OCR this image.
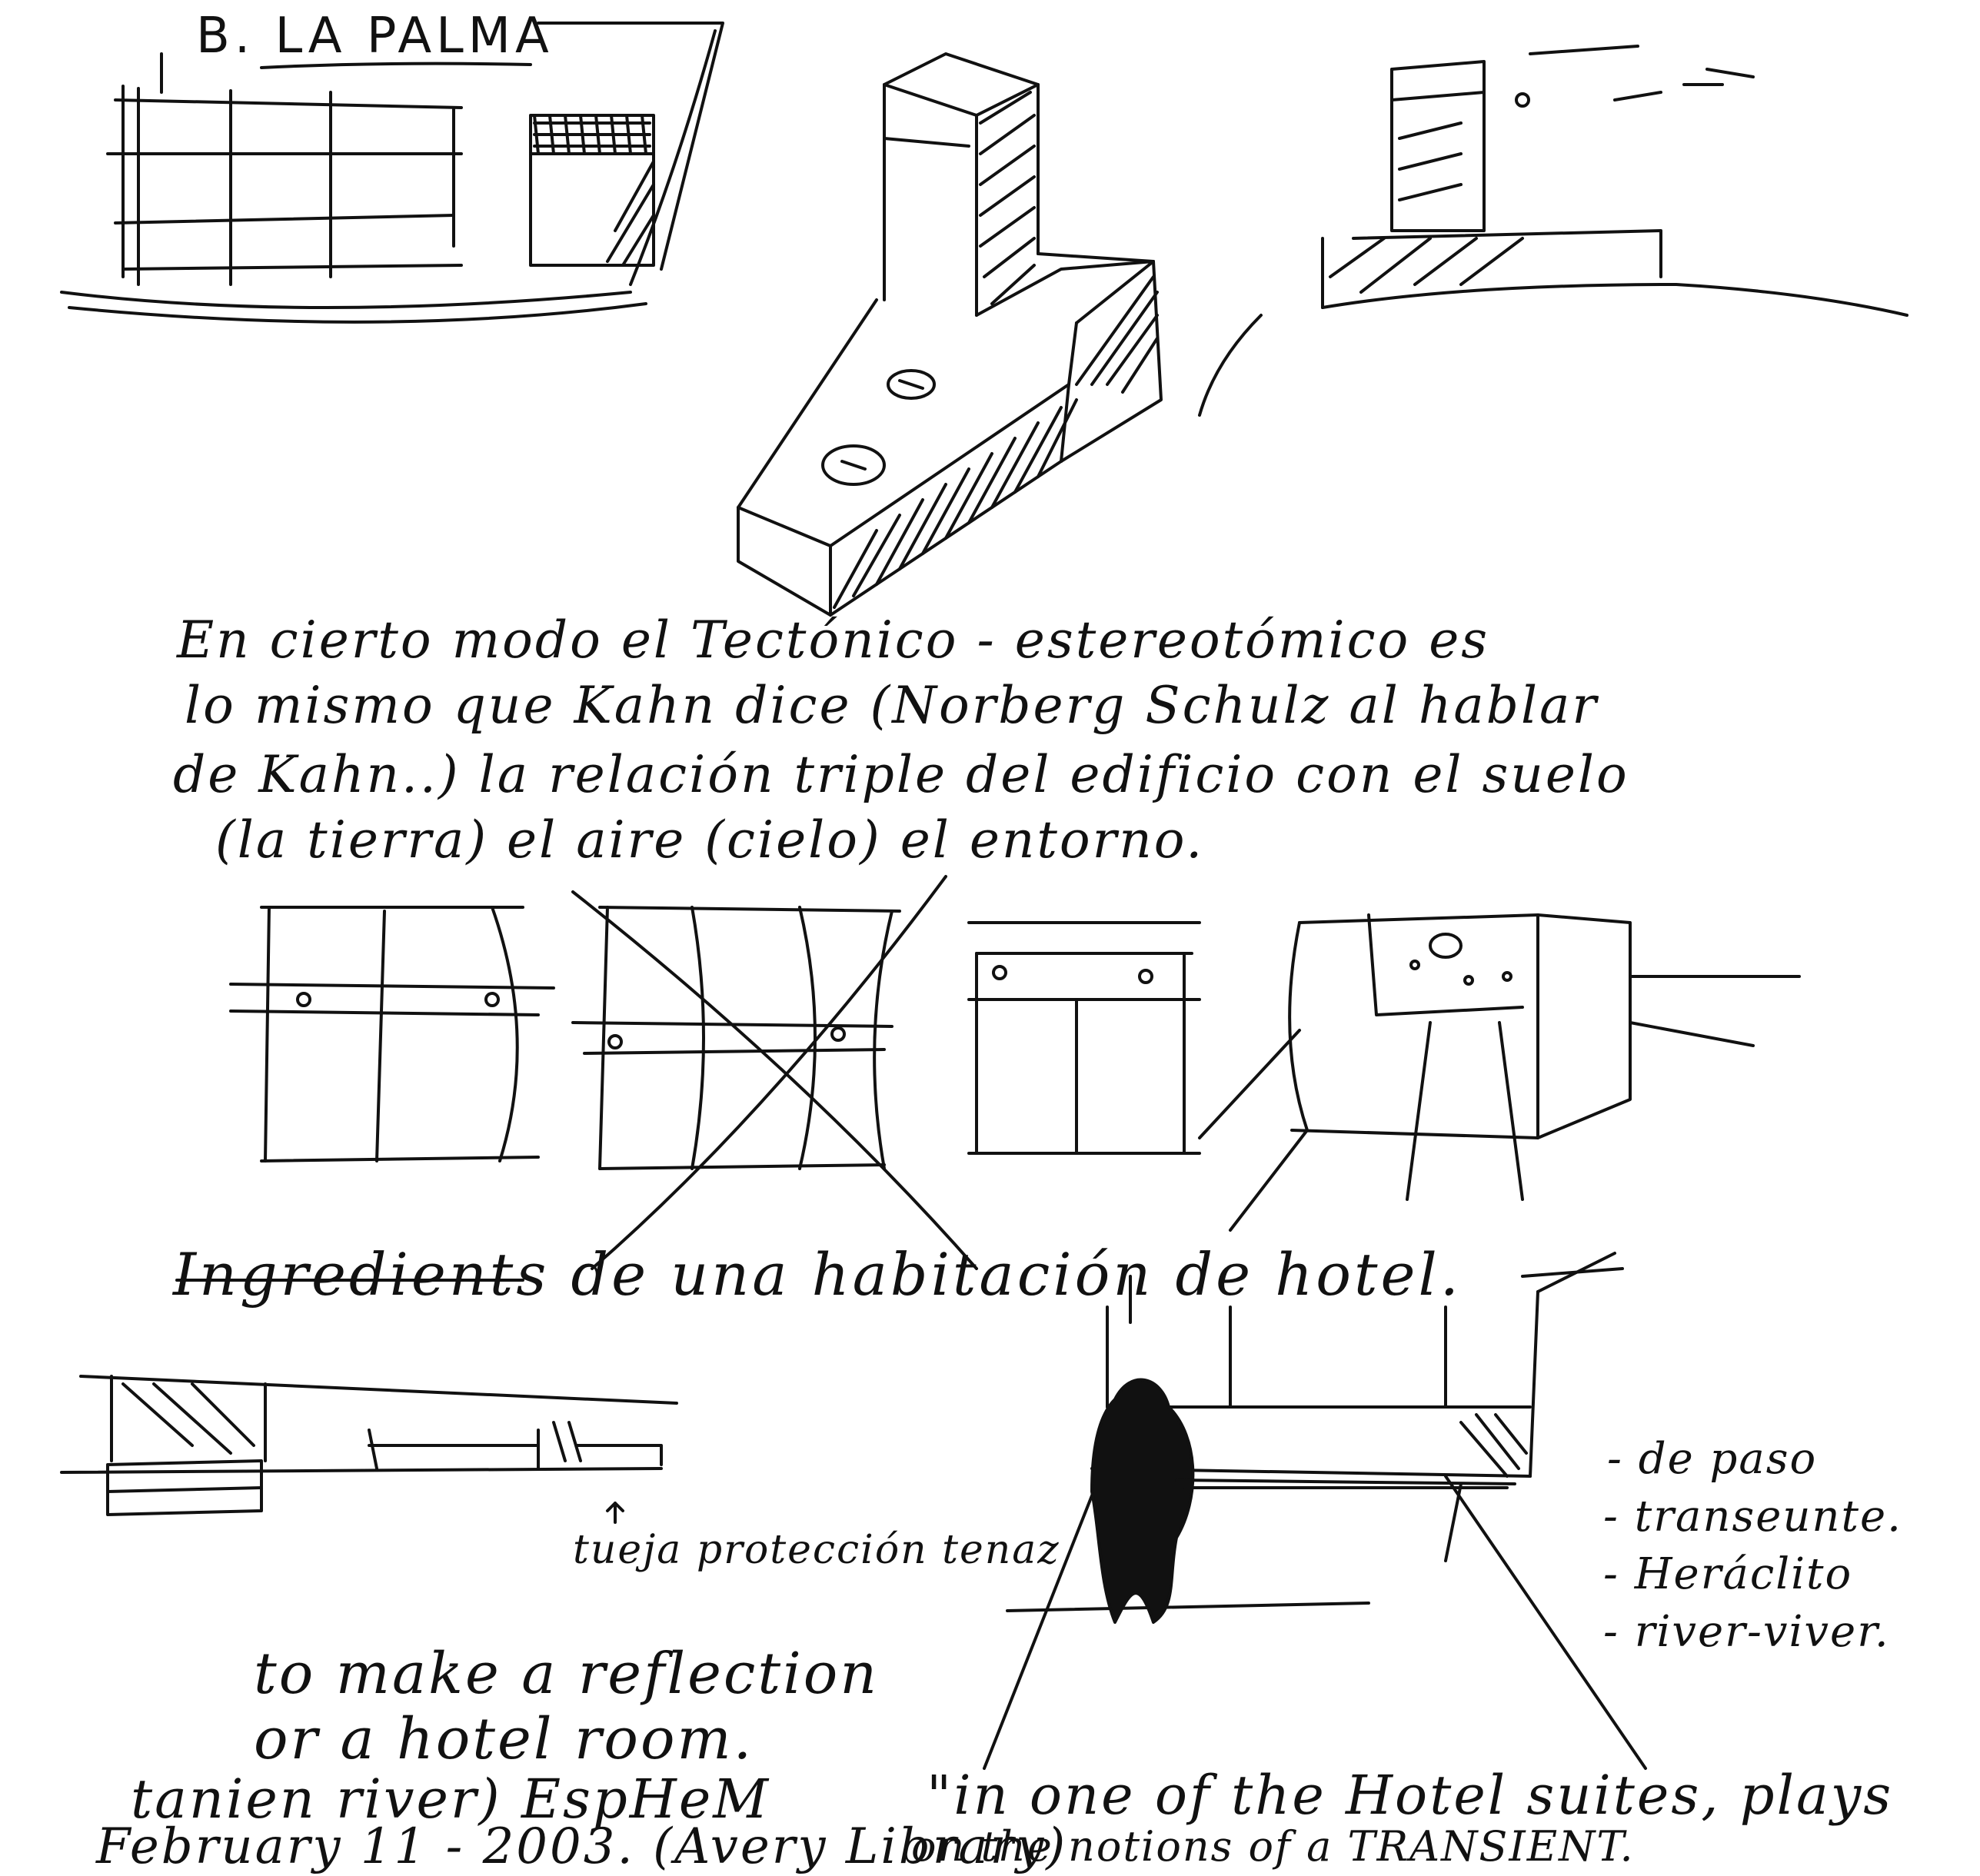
B. LA PALMA
En cierto modo el Tectónico - estereotómico es
lo mismo que Kahn dice (Norberg Schulz al hablar
de Kahn..) la relación triple del edificio con el suelo
(la tierra) el aire (cielo) el entorno.
Ingredients de una habitación de hotel.
tueja protección tenaz
- de paso
- transeunte.
- Heráclito
- river-viver.
to make a reflection
or a hotel room.
tanien river) EspHeM	"in one of the Hotel suites, plays
on the notions of a TRANSIENT.
February 11 - 2003. (Avery Library)
